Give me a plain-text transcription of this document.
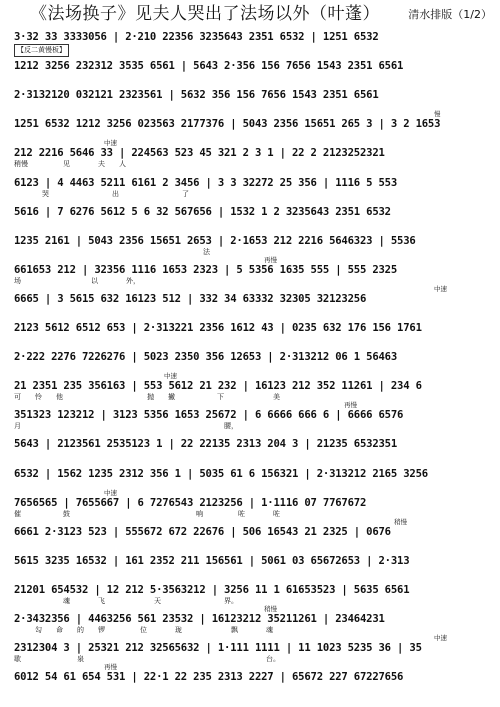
《法场换子》见夫人哭出了法场以外（叶蓬）	清水排版（1/2）
【反二黄慢板】
3·32 33 3333056 | 2·210 22356 3235643 2351 6532 | 1251 6532
1212 3256 232312 3535 6561 | 5643 2·356 156 7656 1543 2351 6561
2·3132120 032121 2323561 | 5632 356 156 7656 1543 2351 6561
1251 6532 1212 3256 023563 2177376 | 5043 2356 15651 265 3 | 3 2 1653
慢
212 2216 5646 33 | 224563 523 45 321 2 3 1 | 22 2 2123252321
稍慢　　　　　见　　　　夫　　人
中速
6123 | 4 4463 5211 6161 2 3456 | 3 3 32272 25 356 | 1116 5 553
　　　　哭　　　　　　　　　出　　　　　　　　　了
5616 | 7 6276 5612 5 6 32 567656 | 1532 1 2 3235643 2351 6532
1235 2161 | 5043 2356 15651 2653 | 2·1653 212 2216 5646323 | 5536
　　　　　　　　　　　　　　　　　　　　　　　　　　　法
661653 212 | 32356 1116 1653 2323 | 5 5356 1635 555 | 555 2325
场　　　　　　　　　　以　　　　外，
再慢
6665 | 3 5615 632 16123 512 | 332 34 63332 32305 32123256
中速
2123 5612 6512 653 | 2·313221 2356 1612 43 | 0235 632 176 156 1761
2·222 2276 7226276 | 5023 2350 356 12653 | 2·313212 06 1 56463
21 2351 235 356163 | 553 5612 21 232 | 16123 212 352 11261 | 234 6
可　　怜　　他　　　　　　　　　　　　抛　　撇　　　　　　下　　　　　　　美
中速
351323 123212 | 3123 5356 1653 25672 | 6 6666 666 6 | 6666 6576
月　　　　　　　　　　　　　　　　　　　　　　　　　　　　　腰，
再慢
5643 | 2123561 2535123 1 | 22 22135 2313 204 3 | 21235 6532351
6532 | 1562 1235 2312 356 1 | 5035 61 6 156321 | 2·313212 2165 3256
7656565 | 7655667 | 6 7276543 2123256 | 1·1116 07 7767672
催　　　　　　鼓　　　　　　　　　　　　　　　　　　响　　　　　咗　　　　咗
中速
6661 2·3123 523 | 555672 672 22676 | 506 16543 21 2325 | 0676
稍慢
5615 3235 16532 | 161 2352 211 156561 | 5061 03 65672653 | 2·313
21201 654532 | 12 212 5·3563212 | 3256 11 1 61653523 | 5635 6561
　　　　　　　魂　　　　飞　　　　　　　天　　　　　　　　　界。
2·3432356 | 4463256 561 23532 | 16123212 35211261 | 23464231
　　　勾　　命　　的　　锣　　　　　位　　　　珑　　　　　　　飘　　　　魂
稍慢
2312304 3 | 25321 212 32565632 | 1·111 1111 | 11 1023 5235 36 | 35
歇　　　　　　　　泉　　　　　　　　　　　　　　　　　　　　　　　　　　台。
中速
6012 54 61 654 531 | 22·1 22 235 2313 2227 | 65672 227 67227656
再慢
